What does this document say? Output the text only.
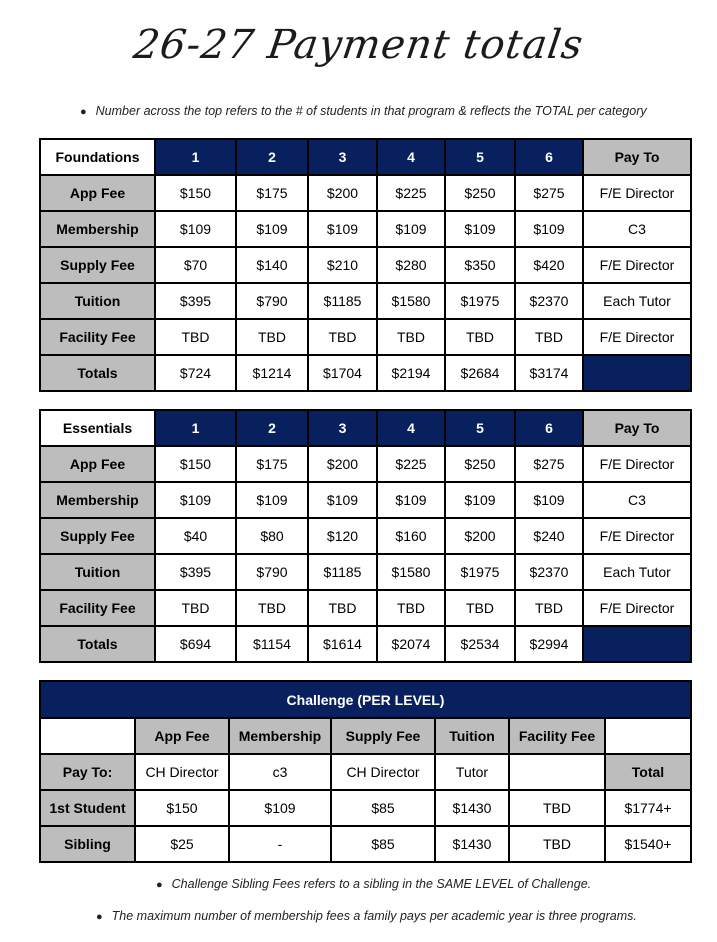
26-27 Payment totals
● Number across the top refers to the # of students in that program & reflects the TOTAL per category
Foundations	1	2	3	4	5	6	Pay To
App Fee	$150	$175	$200	$225	$250	$275	F/E Director
Membership	$109	$109	$109	$109	$109	$109	C3
Supply Fee	$70	$140	$210	$280	$350	$420	F/E Director
Tuition	$395	$790	$1185	$1580	$1975	$2370	Each Tutor
Facility Fee	TBD	TBD	TBD	TBD	TBD	TBD	F/E Director
Totals	$724	$1214	$1704	$2194	$2684	$3174	
Essentials	1	2	3	4	5	6	Pay To
App Fee	$150	$175	$200	$225	$250	$275	F/E Director
Membership	$109	$109	$109	$109	$109	$109	C3
Supply Fee	$40	$80	$120	$160	$200	$240	F/E Director
Tuition	$395	$790	$1185	$1580	$1975	$2370	Each Tutor
Facility Fee	TBD	TBD	TBD	TBD	TBD	TBD	F/E Director
Totals	$694	$1154	$1614	$2074	$2534	$2994	
Challenge (PER LEVEL)						
	App Fee	Membership	Supply Fee	Tuition	Facility Fee	
Pay To:	CH Director	c3	CH Director	Tutor		Total
1st Student	$150	$109	$85	$1430	TBD	$1774+
Sibling	$25	-	$85	$1430	TBD	$1540+
● Challenge Sibling Fees refers to a sibling in the SAME LEVEL of Challenge.
● The maximum number of membership fees a family pays per academic year is three programs.
